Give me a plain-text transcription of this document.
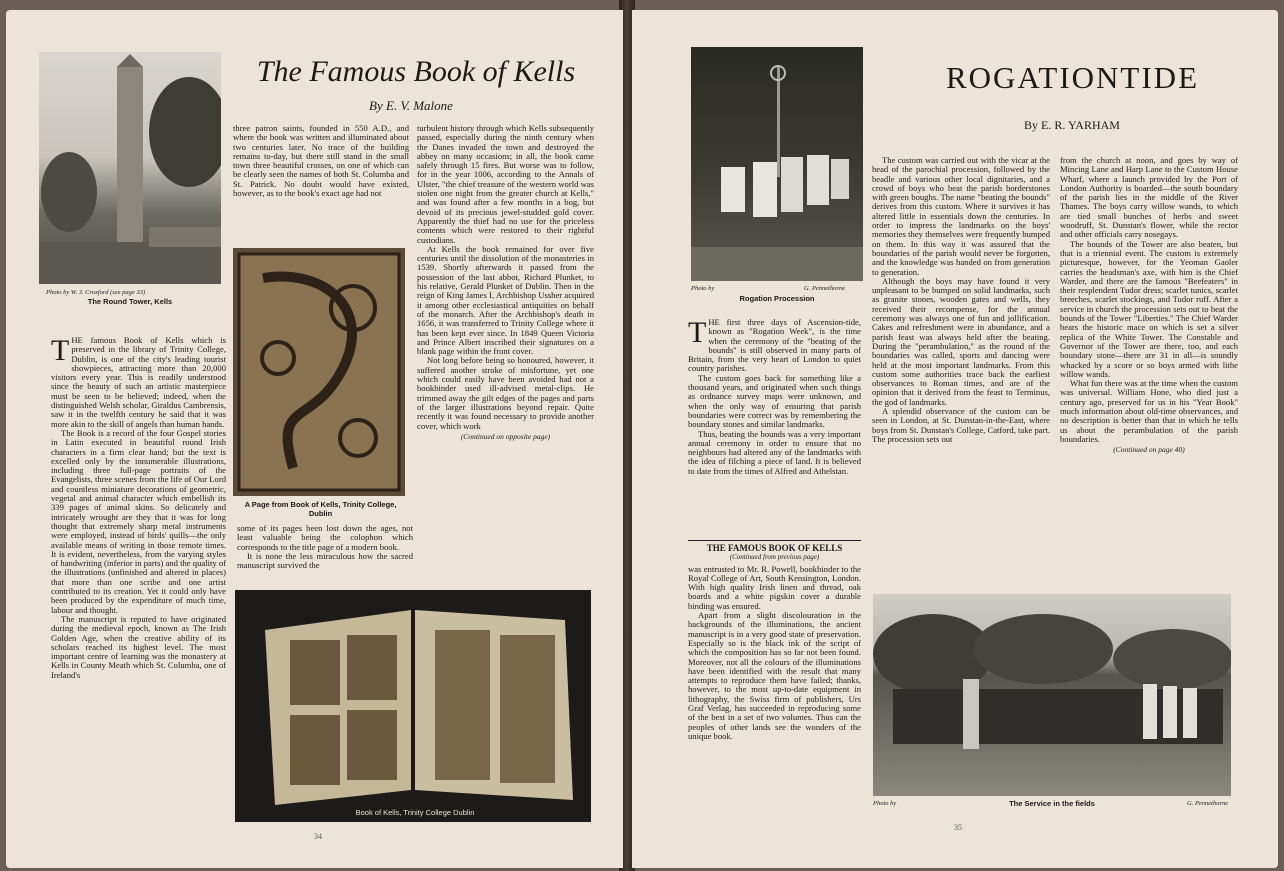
Photo by W. J. Croxford (see page 33)
The Round Tower, Kells
The Famous Book of Kells
By E. V. Malone

THE famous Book of Kells which is preserved in the library of Trinity College, Dublin, is one of the city's leading tourist showpieces, attracting more than 20,000 visitors every year. This is readily understood since the beauty of such an artistic masterpiece must be seen to be believed; indeed, when the distinguished Welsh scholar, Giraldus Cambrensis, saw it in the twelfth century he said that it was more akin to the skill of angels than human hands.

The Book is a record of the four Gospel stories in Latin executed in beautiful round Irish characters in a firm clear hand; but the text is excelled only by the innumerable illustrations, including three full-page portraits of the Evangelists, three scenes from the life of Our Lord and countless miniature decorations of geometric, vegetal and animal character which embellish its 339 pages of animal skins. So delicately and intricately wrought are they that it was for long thought that extremely sharp metal instruments were employed, instead of birds' quills—the only available means of writing in those remote times. It is evident, nevertheless, from the varying styles of handwriting (inferior in parts) and the quality of the illustrations (unfinished and altered in places) that more than one scribe and one artist contributed to its creation. Yet it could only have been produced by the expenditure of much time, labour and thought.

The manuscript is reputed to have originated during the medieval epoch, known as The Irish Golden Age, when the creative ability of its scholars reached its highest level. The most important centre of learning was the monastery at Kells in County Meath which St. Columba, one of Ireland's

three patron saints, founded in 550 A.D., and where the book was written and illuminated about two centuries later. No trace of the building remains to-day, but there still stand in the small town three beautiful crosses, on one of which can be clearly seen the names of both St. Columba and St. Patrick. No doubt would have existed, however, as to the book's exact age had not

A Page from Book of Kells, Trinity College, Dublin

some of its pages been lost down the ages, not least valuable being the colophon which corresponds to the title page of a modern book.

It is none the less miraculous how the sacred manuscript survived the

turbulent history through which Kells subsequently passed, especially during the ninth century when the Danes invaded the town and destroyed the abbey on many occasions; in all, the book came safely through 15 fires. But worse was to follow, for in the year 1006, according to the Annals of Ulster, "the chief treasure of the western world was stolen one night from the greater church at Kells," and was found after a few months in a bog, but devoid of its precious jewel-studded gold cover. Apparently the thief had no use for the priceless contents which were restored to their rightful custodians.

At Kells the book remained for over five centuries until the dissolution of the monasteries in 1539. Shortly afterwards it passed from the possession of the last abbot, Richard Plunket, to his relative, Gerald Plunket of Dublin. Then in the reign of King James I, Archbishop Ussher acquired it among other ecclesiastical antiquities on behalf of the monarch. After the Archbishop's death in 1656, it was transferred to Trinity College where it has been kept ever since. In 1849 Queen Victoria and Prince Albert inscribed their signatures on a blank page within the front cover.

Not long before being so honoured, however, it suffered another stroke of misfortune, yet one which could easily have been avoided had not a bookbinder used ill-advised metal-clips. He trimmed away the gilt edges of the pages and parts of the larger illustrations beyond repair. Quite recently it was found necessary to provide another cover, which work

(Continued on opposite page)
Book of Kells, Trinity College Dublin
34
Photo by	G. Pennethorne
Rogation Procession
ROGATIONTIDE
By E. R. YARHAM

THE first three days of Ascension-tide, known as "Rogation Week", is the time when the ceremony of the "beating of the bounds" is still observed in many parts of Britain, from the very heart of London to quiet country parishes.

The custom goes back for something like a thousand years, and originated when such things as ordnance survey maps were unknown, and when the only way of ensuring that parish boundaries were correct was by remembering the boundary stones and similar landmarks.

Thus, beating the bounds was a very important annual ceremony in order to ensure that no neighbours had altered any of the landmarks with the idea of filching a piece of land. It is believed to date from the times of Alfred and Athelstan.

THE FAMOUS BOOK OF KELLS
(Continued from previous page)

was entrusted to Mr. R. Powell, bookbinder to the Royal College of Art, South Kensington, London. With high quality Irish linen and thread, oak boards and a white pigskin cover a durable binding was ensured.

Apart from a slight discolouration in the backgrounds of the illuminations, the ancient manuscript is in a very good state of preservation. Especially so is the black ink of the script of which the composition has so far not been found. Moreover, not all the colours of the illuminations have been identified with the result that many attempts to reproduce them have failed; thanks, however, to the most up-to-date equipment in lithography, the Swiss firm of publishers, Urs Graf Verlag, has succeeded in reproducing some of the best in a set of two volumes. Thus can the peoples of other lands see the wonders of the unique book.

The custom was carried out with the vicar at the head of the parochial procession, followed by the beadle and various other local dignitaries, and a crowd of boys who beat the parish borderstones with green boughs. The name "beating the bounds" derives from this custom. Where it survives it has altered little in essentials down the centuries. In order to impress the landmarks on the boys' memories they themselves were frequently bumped on them. In this way it was assured that the boundaries of the parish would never be forgotten, and the knowledge was handed on from generation to generation.

Although the boys may have found it very unpleasant to be bumped on solid landmarks, such as granite stones, wooden gates and wells, they received their recompense, for the annual ceremony was always one of fun and jollification. Cakes and refreshment were in abundance, and a parish feast was always held after the beating. During the "perambulation," as the round of the boundaries was called, sports and dancing were held at the most important landmarks. From this custom some authorities trace back the earliest observances to Roman times, and are of the opinion that it derived from the feast to Terminus, the god of landmarks.

A splendid observance of the custom can be seen in London, at St. Dunstan-in-the-East, where boys from St. Dunstan's College, Catford, take part. The procession sets out

from the church at noon, and goes by way of Mincing Lane and Harp Lane to the Custom House Wharf, where a launch provided by the Port of London Authority is boarded—the south boundary of the parish lies in the middle of the River Thames. The boys carry willow wands, to which are tied small bunches of herbs and sweet woodruff, St. Dunstan's flower, while the rector and other officials carry nosegays.

The bounds of the Tower are also beaten, but that is a triennial event. The custom is extremely picturesque, however, for the Yeoman Gaoler carries the headsman's axe, with him is the Chief Warder, and there are the famous "Beefeaters" in their resplendent Tudor dress; scarlet tunics, scarlet breeches, scarlet stockings, and Tudor ruff. After a service in church the procession sets out to beat the bounds of the Tower "Liberties." The Chief Warder bears the historic mace on which is set a silver replica of the White Tower. The Constable and Governor of the Tower are there, too, and each boundary stone—there are 31 in all—is soundly whacked by a score or so boys armed with lithe willow wands.

What fun there was at the time when the custom was universal. William Hone, who died just a century ago, preserved for us in his "Year Book" much information about old-time observances, and no description is better than that in which he tells us about the perambulation of the parish boundaries.

(Continued on page 40)
Photo by	The Service in the fields	G. Pennethorne
35
